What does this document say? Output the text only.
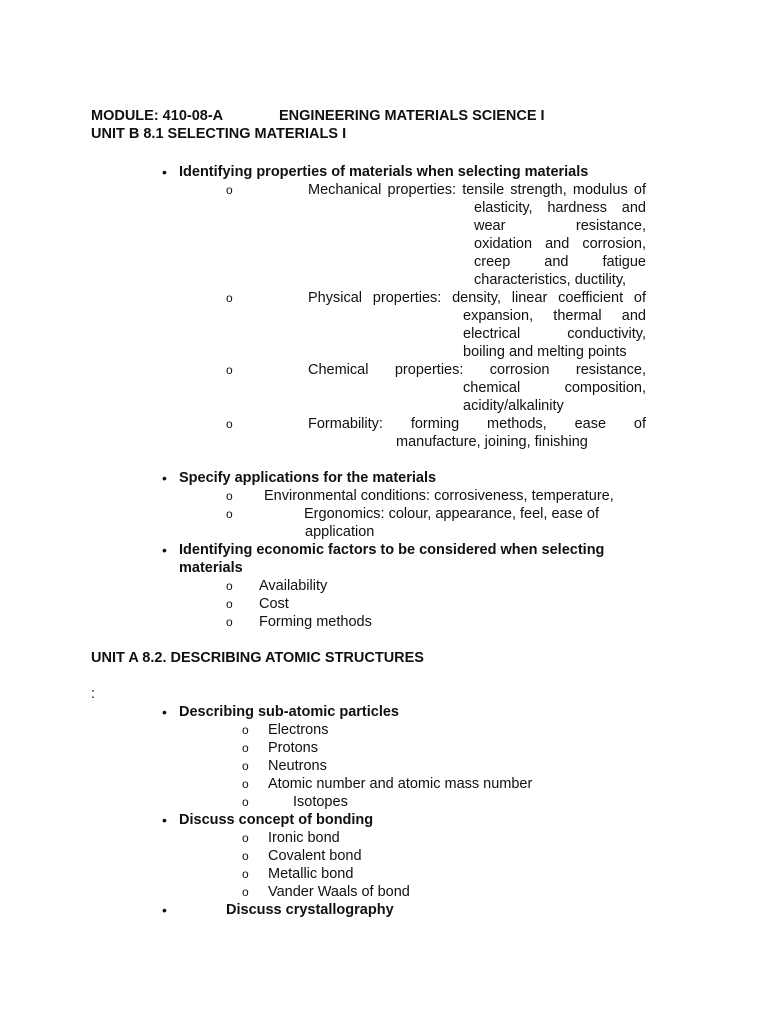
MODULE: 410-08-A	ENGINEERING MATERIALS SCIENCE I
UNIT B 8.1 SELECTING MATERIALS I
• Identifying properties of materials when selecting materials
o	Mechanical properties: tensile strength, modulus of
elasticity, hardness and
wear resistance,
oxidation and corrosion,
creep and fatigue
characteristics, ductility,
o	Physical properties: density, linear coefficient of
expansion, thermal and
electrical conductivity,
boiling and melting points
o	Chemical properties: corrosion resistance,
chemical composition,
acidity/alkalinity
o	Formability: forming methods, ease of
manufacture, joining, finishing
• Specify applications for the materials
o Environmental conditions: corrosiveness, temperature,
o	Ergonomics: colour, appearance, feel, ease of
application
• Identifying economic factors to be considered when selecting
materials
o Availability
o Cost
o Forming methods
UNIT A 8.2. DESCRIBING ATOMIC STRUCTURES
:
• Describing sub-atomic particles
o Electrons
o Protons
o Neutrons
o Atomic number and atomic mass number
o	Isotopes
• Discuss concept of bonding
o Ironic bond
o Covalent bond
o Metallic bond
o Vander Waals of bond
•	Discuss crystallography
